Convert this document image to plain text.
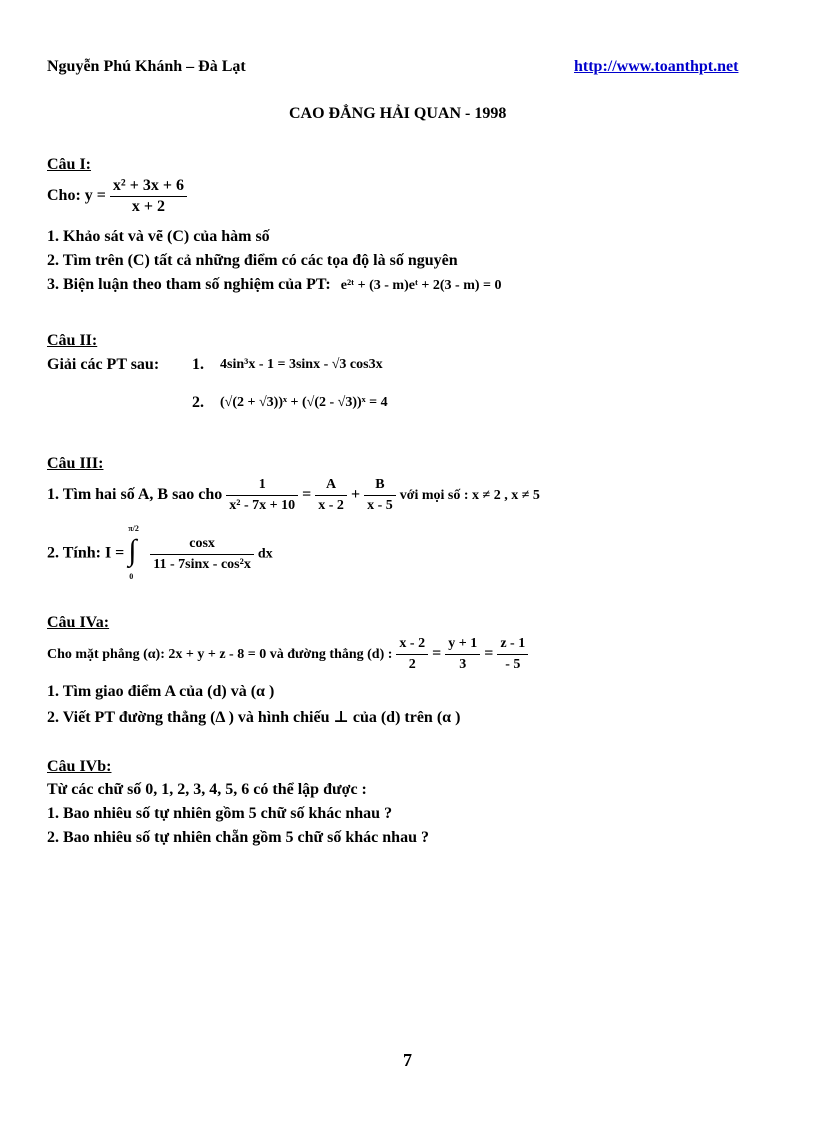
Nguyễn Phú Khánh – Đà Lạt	http://www.toanthpt.net
CAO ĐẲNG HẢI QUAN - 1998
Câu I:
Cho: $y = \frac{\text{x² + 3x + 6}}{x + 2}$
1. Khảo sát và vẽ (C) của hàm số
2. Tìm trên (C) tất cả những điểm có các tọa độ là số nguyên
3. Biện luận theo tham số nghiệm của PT: e²ᵗ + (3 - m)eᵗ + 2(3 - m) = 0
Câu II:
Giải các PT sau: 1. 4sin³x - 1 = 3sinx - √3 cos3x
2. (√(2 + √3))ˣ + (√(2 - √3))ˣ = 4
Câu III:
1. Tìm hai số A, B sao cho $\frac{1}{\text{x² - 7x + 10}} = \frac{A}{x - 2} + \frac{B}{x - 5}$ với mọi số : x ≠ 2 , x ≠ 5
2. Tính: I =
π/2
∫
0

$\frac{\cos x}{\text{11 - 7sinx - cos²x}}$ dx
Câu IVa:
Cho mặt phẳng (α): 2x + y + z - 8 = 0 và đường thẳng (d) : $\frac{x - 2}{2} = \frac{y + 1}{3} = \frac{z - 1}{- 5}$
1. Tìm giao điểm A của (d) và (α )
2. Viết PT đường thẳng (Δ ) và hình chiếu ⊥ của (d) trên (α )
Câu IVb:
Từ các chữ số 0, 1, 2, 3, 4, 5, 6 có thể lập được :
1. Bao nhiêu số tự nhiên gồm 5 chữ số khác nhau ?
2. Bao nhiêu số tự nhiên chẵn gồm 5 chữ số khác nhau ?
7
